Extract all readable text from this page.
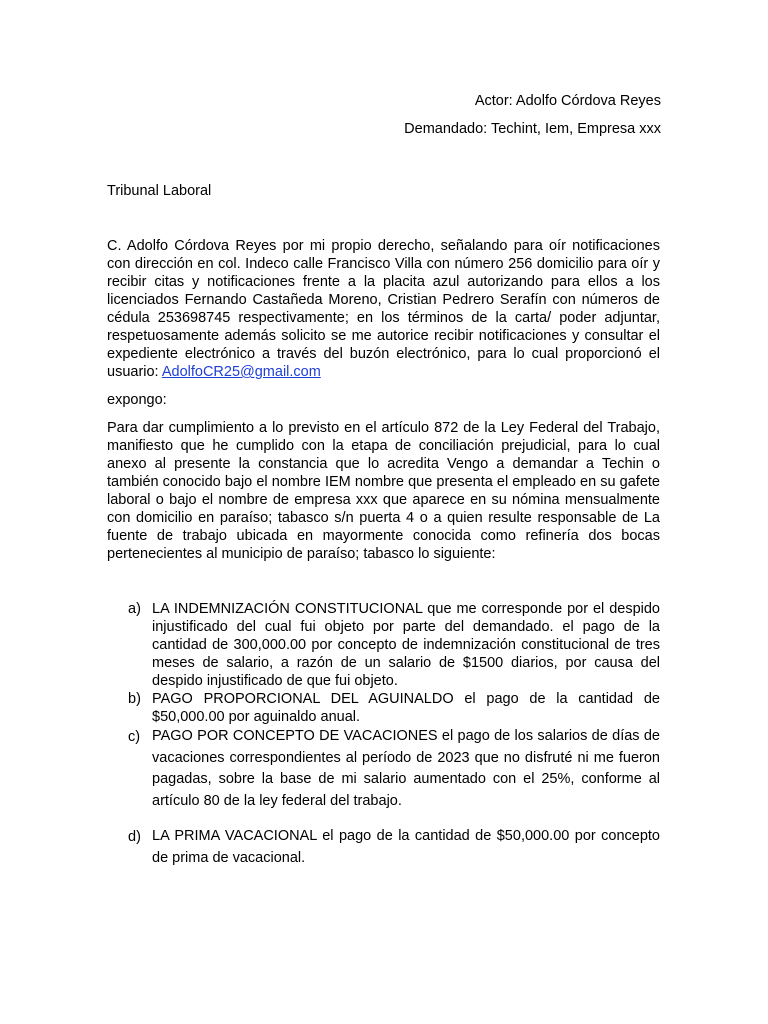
Actor: Adolfo Córdova Reyes
Demandado: Techint, Iem, Empresa xxx
Tribunal Laboral
C. Adolfo Córdova Reyes por mi propio derecho, señalando para oír notificaciones con dirección en col. Indeco calle Francisco Villa con número 256 domicilio para oír y recibir citas y notificaciones frente a la placita azul autorizando para ellos a los licenciados Fernando Castañeda Moreno, Cristian Pedrero Serafín con números de cédula 253698745 respectivamente; en los términos de la carta/ poder adjuntar, respetuosamente además solicito se me autorice recibir notificaciones y consultar el expediente electrónico a través del buzón electrónico, para lo cual proporcionó el usuario: AdolfoCR25@gmail.com
expongo:
Para dar cumplimiento a lo previsto en el artículo 872 de la Ley Federal del Trabajo, manifiesto que he cumplido con la etapa de conciliación prejudicial, para lo cual anexo al presente la constancia que lo acredita Vengo a demandar a Techin o también conocido bajo el nombre IEM nombre que presenta el empleado en su gafete laboral o bajo el nombre de empresa xxx que aparece en su nómina mensualmente con domicilio en paraíso; tabasco s/n puerta 4 o a quien resulte responsable de La fuente de trabajo ubicada en mayormente conocida como refinería dos bocas pertenecientes al municipio de paraíso; tabasco lo siguiente:
a) LA INDEMNIZACIÓN CONSTITUCIONAL que me corresponde por el despido injustificado del cual fui objeto por parte del demandado. el pago de la cantidad de 300,000.00 por concepto de indemnización constitucional de tres meses de salario, a razón de un salario de $1500 diarios, por causa del despido injustificado de que fui objeto.
b) PAGO PROPORCIONAL DEL AGUINALDO el pago de la cantidad de $50,000.00 por aguinaldo anual.
c) PAGO POR CONCEPTO DE VACACIONES el pago de los salarios de días de vacaciones correspondientes al período de 2023 que no disfruté ni me fueron pagadas, sobre la base de mi salario aumentado con el 25%, conforme al artículo 80 de la ley federal del trabajo.
d) LA PRIMA VACACIONAL el pago de la cantidad de $50,000.00 por concepto de prima de vacacional.
